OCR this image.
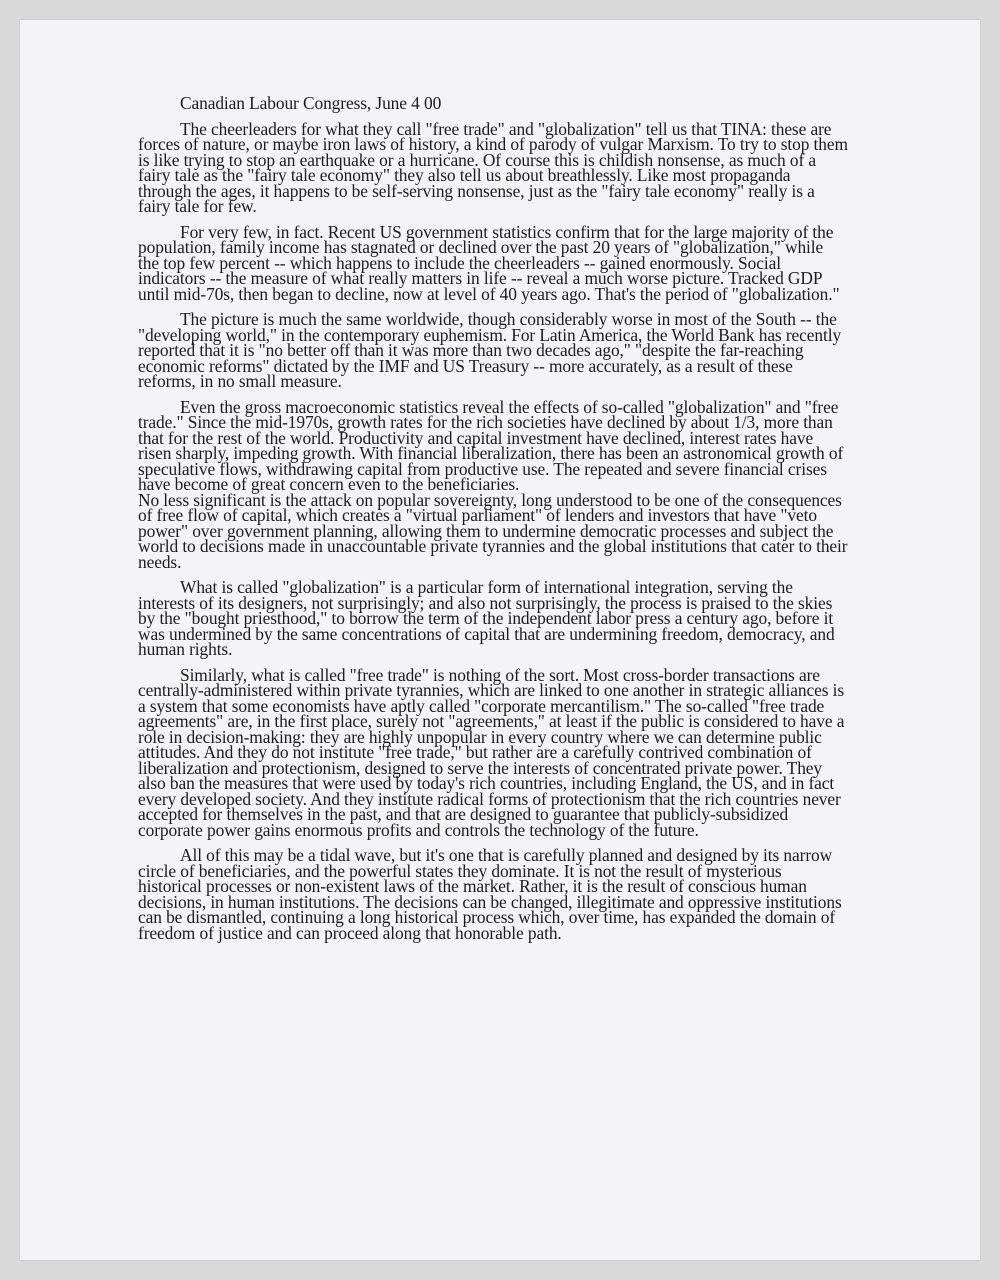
Canadian Labour Congress, June 4 00

The cheerleaders for what they call "free trade" and "globalization" tell us that TINA: these are forces of nature, or maybe iron laws of history, a kind of parody of vulgar Marxism. To try to stop them is like trying to stop an earthquake or a hurricane. Of course this is childish nonsense, as much of a fairy tale as the "fairy tale economy" they also tell us about breathlessly. Like most propaganda through the ages, it happens to be self-serving nonsense, just as the "fairy tale economy" really is a fairy tale for few.

For very few, in fact. Recent US government statistics confirm that for the large majority of the population, family income has stagnated or declined over the past 20 years of "globalization," while the top few percent -- which happens to include the cheerleaders -- gained enormously. Social indicators -- the measure of what really matters in life -- reveal a much worse picture. Tracked GDP until mid-70s, then began to decline, now at level of 40 years ago. That's the period of "globalization."

The picture is much the same worldwide, though considerably worse in most of the South -- the "developing world," in the contemporary euphemism. For Latin America, the World Bank has recently reported that it is "no better off than it was more than two decades ago," "despite the far-reaching economic reforms" dictated by the IMF and US Treasury -- more accurately, as a result of these reforms, in no small measure.

Even the gross macroeconomic statistics reveal the effects of so-called "globalization" and "free trade." Since the mid-1970s, growth rates for the rich societies have declined by about 1/3, more than that for the rest of the world. Productivity and capital investment have declined, interest rates have risen sharply, impeding growth. With financial liberalization, there has been an astronomical growth of speculative flows, withdrawing capital from productive use. The repeated and severe financial crises have become of great concern even to the beneficiaries.

No less significant is the attack on popular sovereignty, long understood to be one of the consequences of free flow of capital, which creates a "virtual parliament" of lenders and investors that have "veto power" over government planning, allowing them to undermine democratic processes and subject the world to decisions made in unaccountable private tyrannies and the global institutions that cater to their needs.

What is called "globalization" is a particular form of international integration, serving the interests of its designers, not surprisingly; and also not surprisingly, the process is praised to the skies by the "bought priesthood," to borrow the term of the independent labor press a century ago, before it was undermined by the same concentrations of capital that are undermining freedom, democracy, and human rights.

Similarly, what is called "free trade" is nothing of the sort. Most cross-border transactions are centrally-administered within private tyrannies, which are linked to one another in strategic alliances is a system that some economists have aptly called "corporate mercantilism." The so-called "free trade agreements" are, in the first place, surely not "agreements," at least if the public is considered to have a role in decision-making: they are highly unpopular in every country where we can determine public attitudes. And they do not institute "free trade," but rather are a carefully contrived combination of liberalization and protectionism, designed to serve the interests of concentrated private power. They also ban the measures that were used by today's rich countries, including England, the US, and in fact every developed society. And they institute radical forms of protectionism that the rich countries never accepted for themselves in the past, and that are designed to guarantee that publicly-subsidized corporate power gains enormous profits and controls the technology of the future.

All of this may be a tidal wave, but it's one that is carefully planned and designed by its narrow circle of beneficiaries, and the powerful states they dominate. It is not the result of mysterious historical processes or non-existent laws of the market. Rather, it is the result of conscious human decisions, in human institutions. The decisions can be changed, illegitimate and oppressive institutions can be dismantled, continuing a long historical process which, over time, has expanded the domain of freedom of justice and can proceed along that honorable path.
